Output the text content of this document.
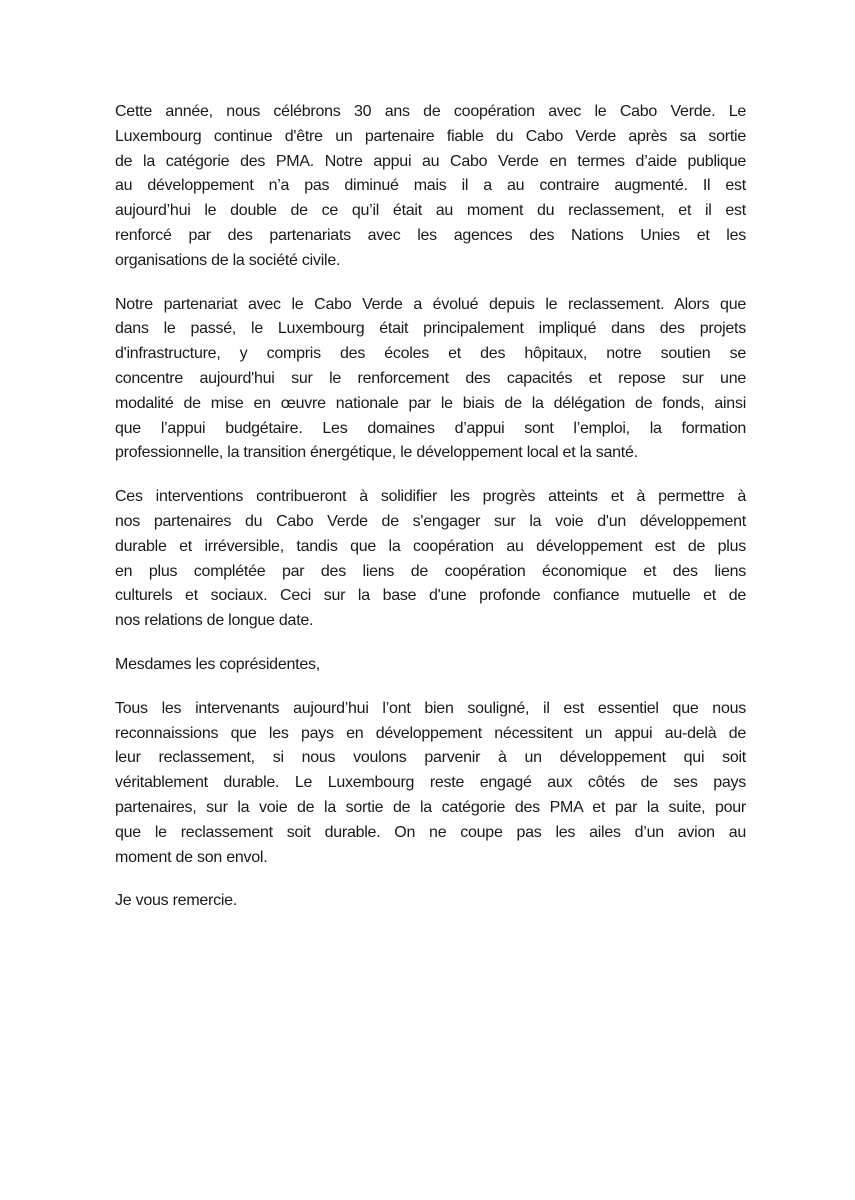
Cette année, nous célébrons 30 ans de coopération avec le Cabo Verde. Le
Luxembourg continue d'être un partenaire fiable du Cabo Verde après sa sortie
de la catégorie des PMA. Notre appui au Cabo Verde en termes d’aide publique
au développement n’a pas diminué mais il a au contraire augmenté. Il est
aujourd’hui le double de ce qu’il était au moment du reclassement, et il est
renforcé par des partenariats avec les agences des Nations Unies et les
organisations de la société civile.
Notre partenariat avec le Cabo Verde a évolué depuis le reclassement. Alors que
dans le passé, le Luxembourg était principalement impliqué dans des projets
d'infrastructure, y compris des écoles et des hôpitaux, notre soutien se
concentre aujourd'hui sur le renforcement des capacités et repose sur une
modalité de mise en œuvre nationale par le biais de la délégation de fonds, ainsi
que l’appui budgétaire. Les domaines d’appui sont l’emploi, la formation
professionnelle, la transition énergétique, le développement local et la santé.
Ces interventions contribueront à solidifier les progrès atteints et à permettre à
nos partenaires du Cabo Verde de s'engager sur la voie d'un développement
durable et irréversible, tandis que la coopération au développement est de plus
en plus complétée par des liens de coopération économique et des liens
culturels et sociaux. Ceci sur la base d'une profonde confiance mutuelle et de
nos relations de longue date.
Mesdames les coprésidentes,
Tous les intervenants aujourd’hui l’ont bien souligné, il est essentiel que nous
reconnaissions que les pays en développement nécessitent un appui au-delà de
leur reclassement, si nous voulons parvenir à un développement qui soit
véritablement durable. Le Luxembourg reste engagé aux côtés de ses pays
partenaires, sur la voie de la sortie de la catégorie des PMA et par la suite, pour
que le reclassement soit durable. On ne coupe pas les ailes d’un avion au
moment de son envol.
Je vous remercie.
